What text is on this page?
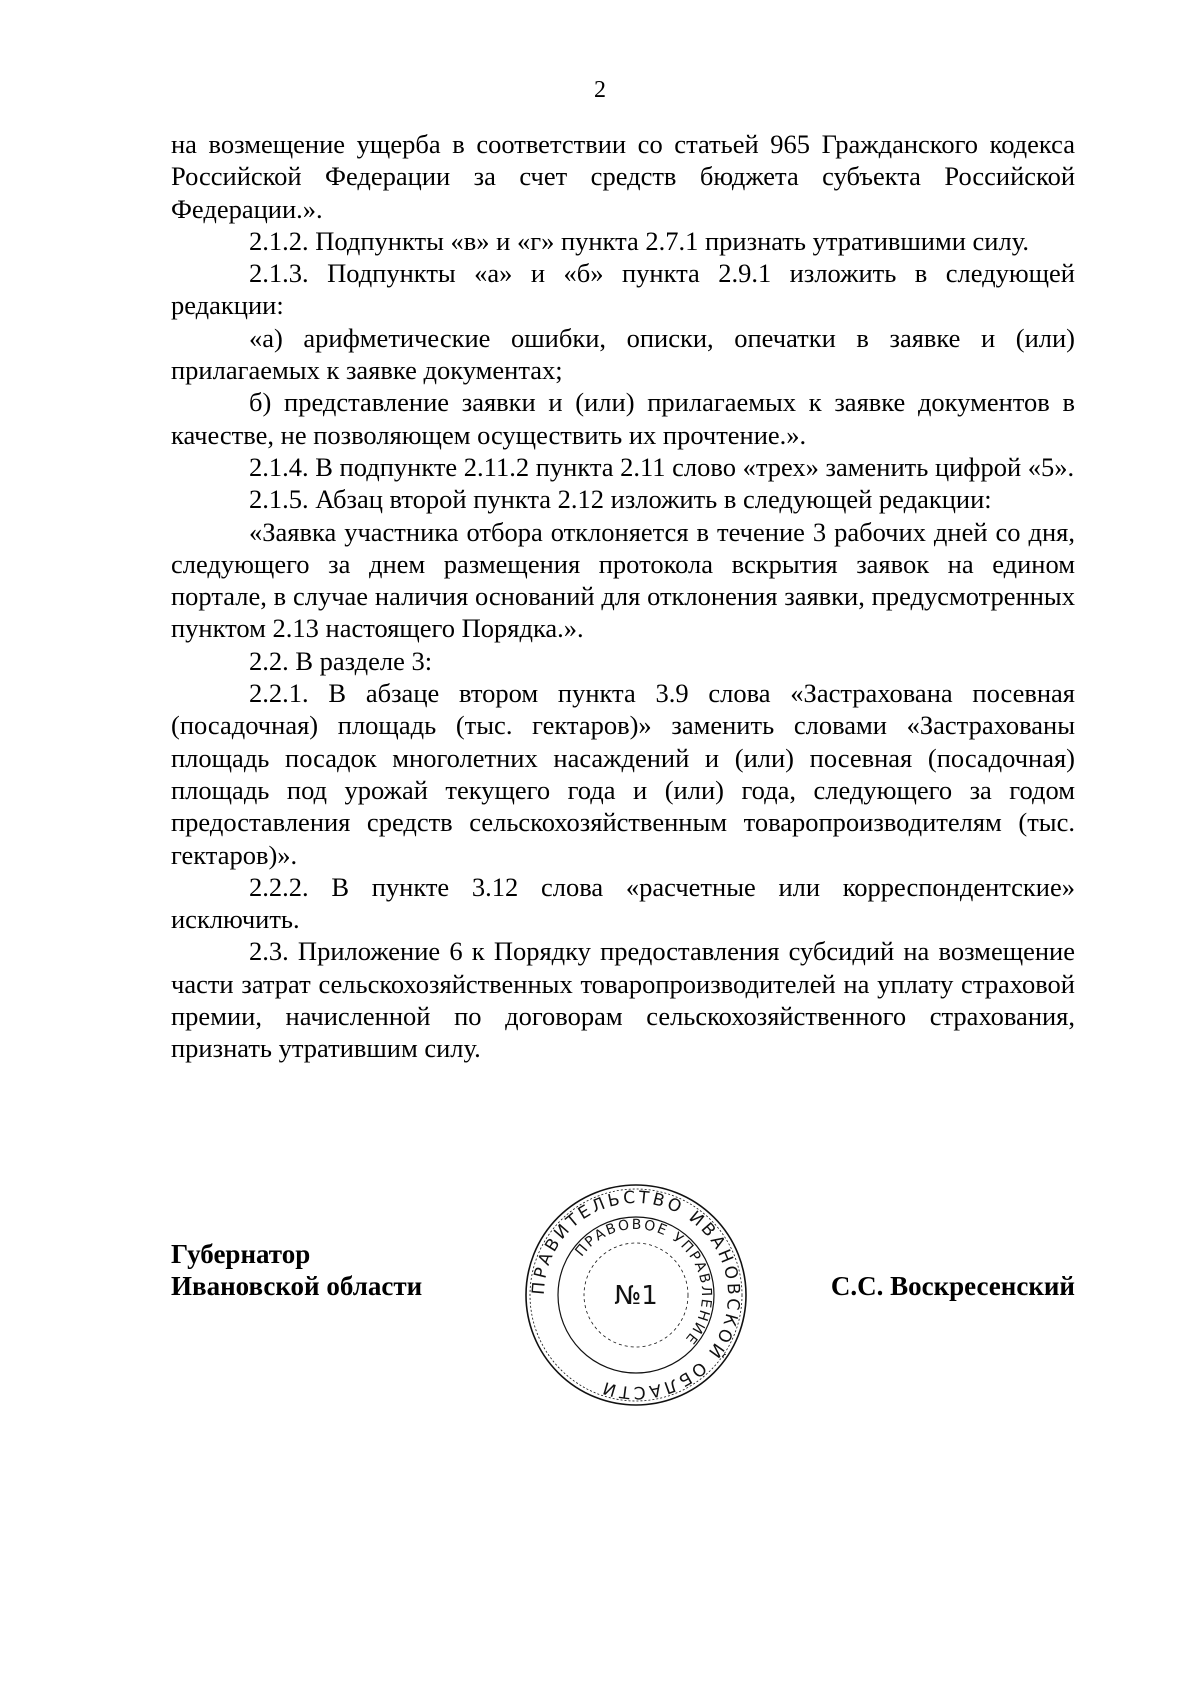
2

на возмещение ущерба в соответствии со статьей 965 Гражданского кодекса Российской Федерации за счет средств бюджета субъекта Российской Федерации.».

2.1.2. Подпункты «в» и «г» пункта 2.7.1 признать утратившими силу.

2.1.3. Подпункты «а» и «б» пункта 2.9.1 изложить в следующей редакции:

«а) арифметические ошибки, описки, опечатки в заявке и (или) прилагаемых к заявке документах;

б) представление заявки и (или) прилагаемых к заявке документов в качестве, не позволяющем осуществить их прочтение.».

2.1.4. В подпункте 2.11.2 пункта 2.11 слово «трех» заменить цифрой «5».

2.1.5. Абзац второй пункта 2.12 изложить в следующей редакции:

«Заявка участника отбора отклоняется в течение 3 рабочих дней со дня, следующего за днем размещения протокола вскрытия заявок на едином портале, в случае наличия оснований для отклонения заявки, предусмотренных пунктом 2.13 настоящего Порядка.».

2.2. В разделе 3:

2.2.1. В абзаце втором пункта 3.9 слова «Застрахована посевная (посадочная) площадь (тыс. гектаров)» заменить словами «Застрахованы площадь посадок многолетних насаждений и (или) посевная (посадочная) площадь под урожай текущего года и (или) года, следующего за годом предоставления средств сельскохозяйственным товаропроизводителям (тыс. гектаров)».

2.2.2. В пункте 3.12 слова «расчетные или корреспондентские» исключить.

2.3. Приложение 6 к Порядку предоставления субсидий на возмещение части затрат сельскохозяйственных товаропроизводителей на уплату страховой премии, начисленной по договорам сельскохозяйственного страхования, признать утратившим силу.

Губернатор
Ивановской области	ПРАВИТЕЛЬСТВО ИВАНОВСКОЙ ОБЛАСТИ
ПРАВОВОЕ УПРАВЛЕНИЕ
№1	С.С. Воскресенский
